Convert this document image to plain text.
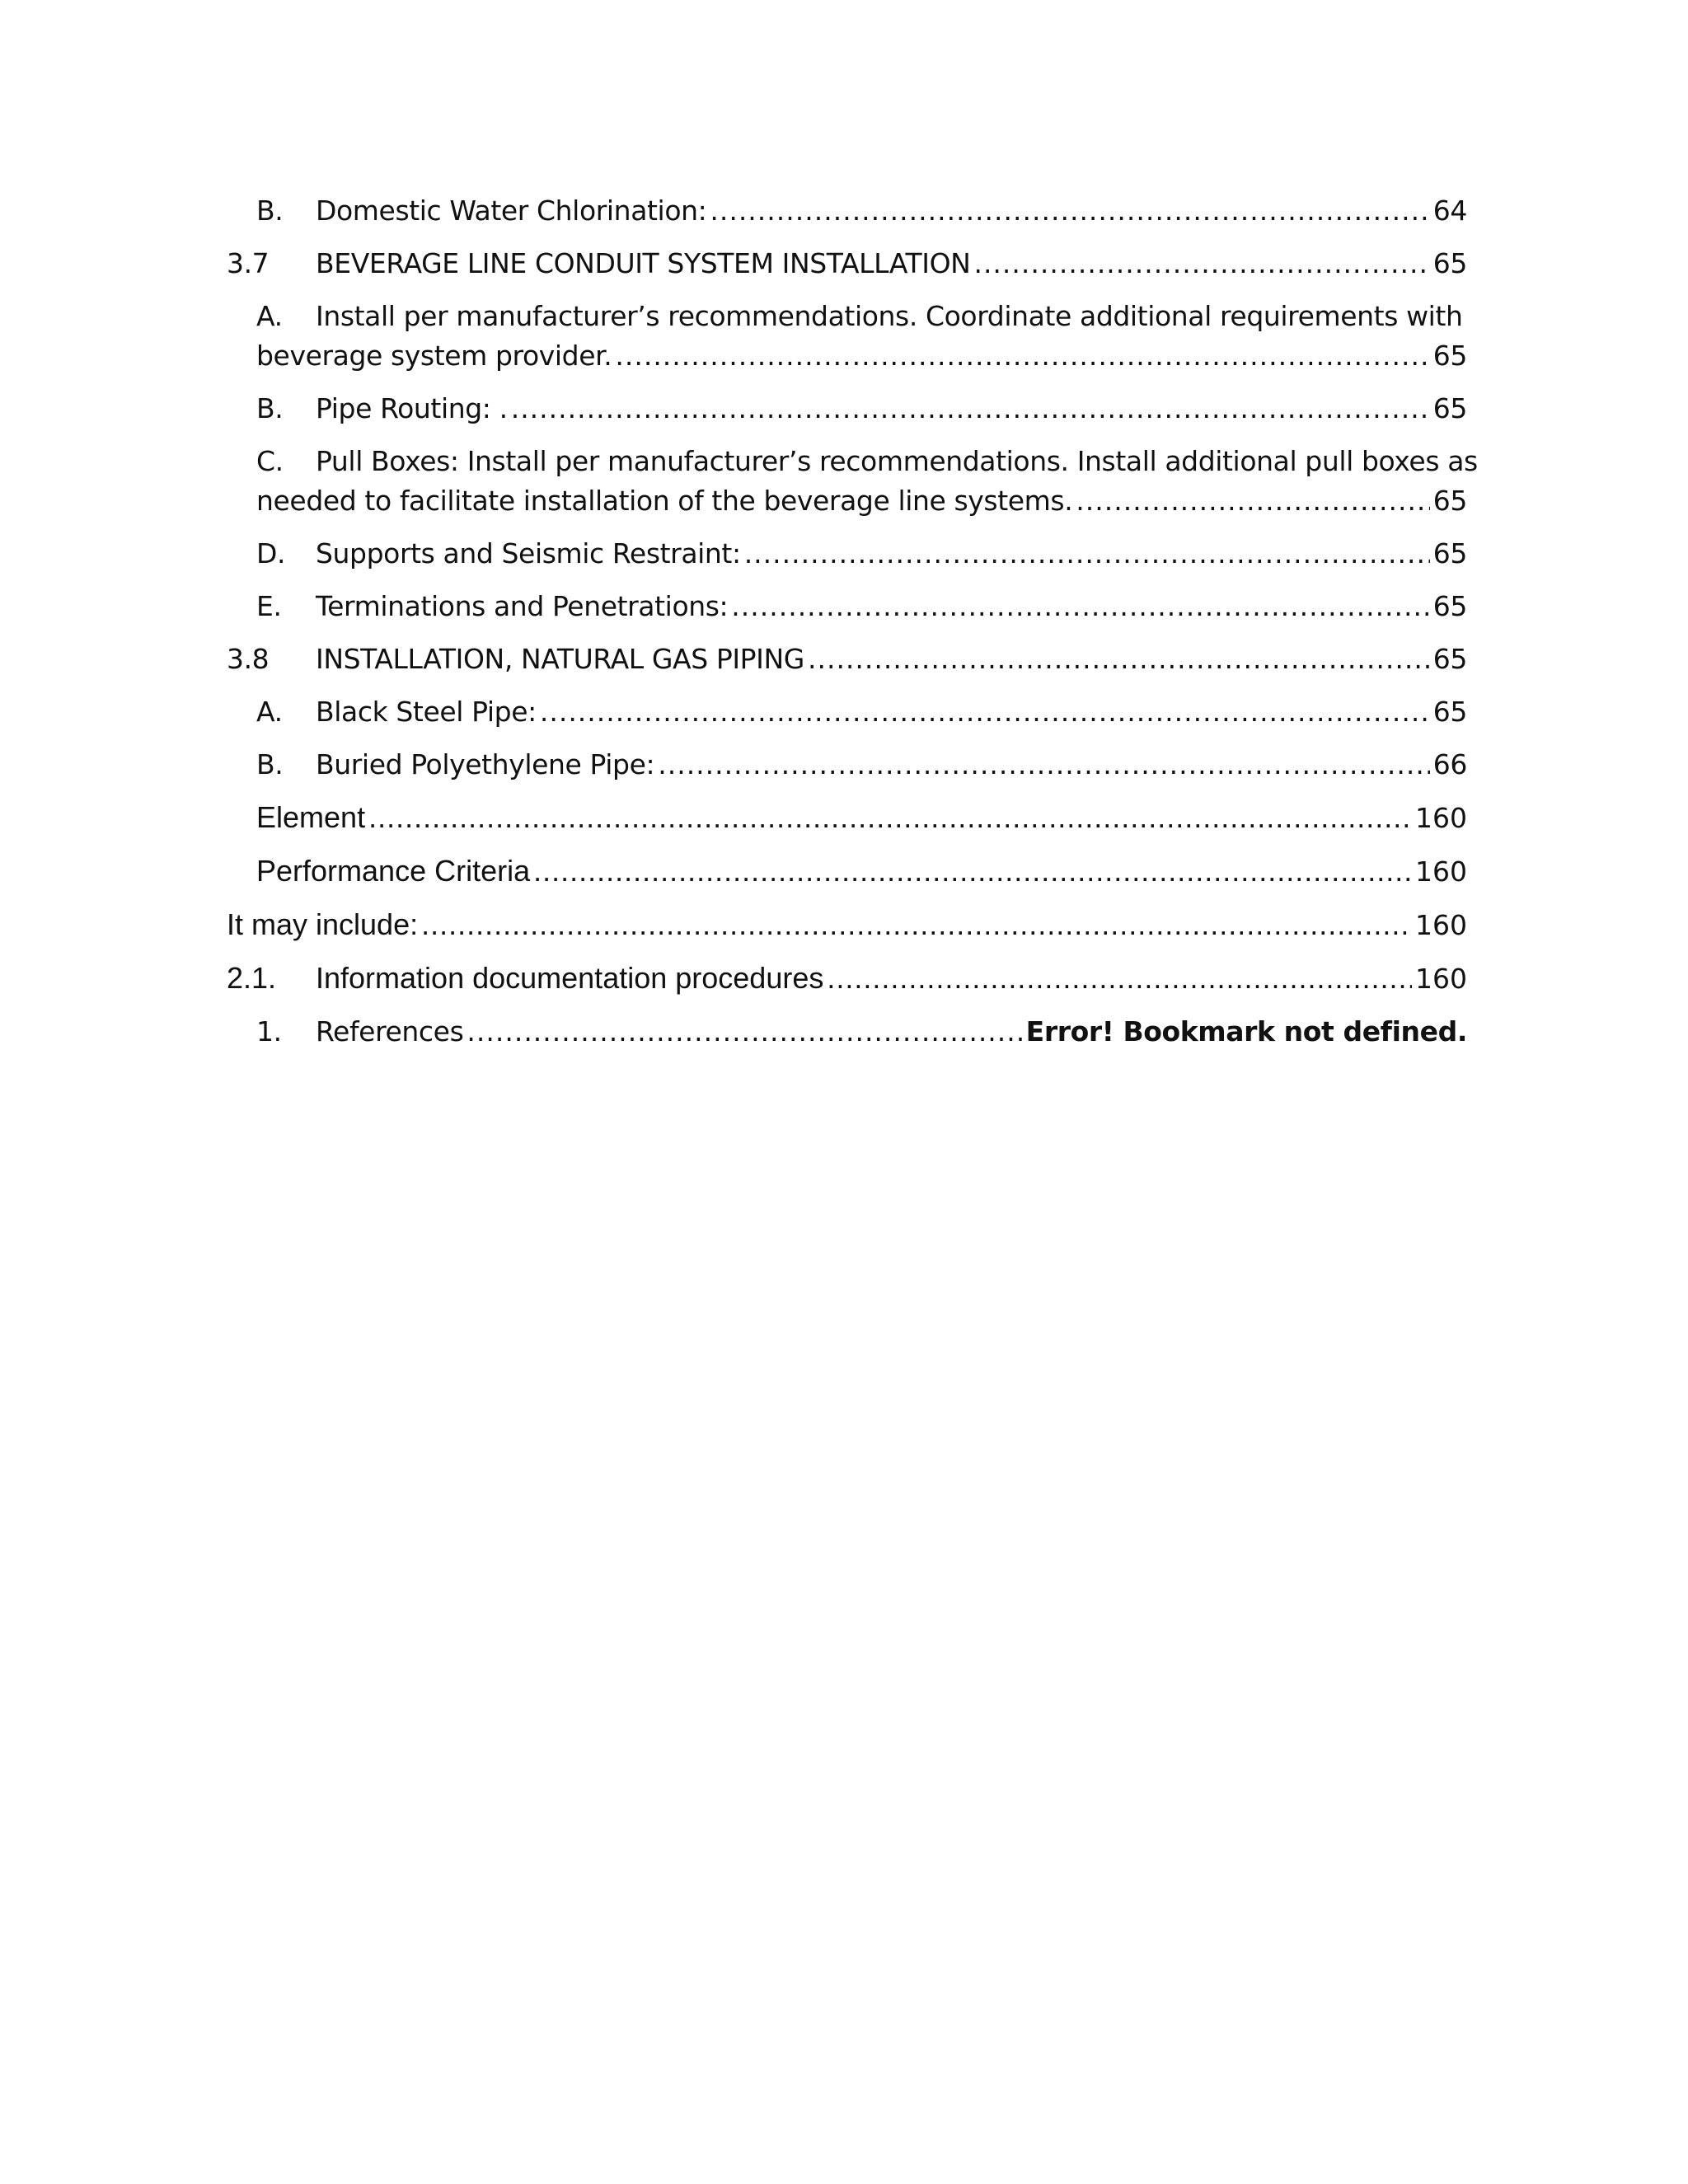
B.	Domestic Water Chlorination: .....	64
3.7	BEVERAGE LINE CONDUIT SYSTEM INSTALLATION .....	65
A.	Install per manufacturer’s recommendations. Coordinate additional requirements with
beverage system provider. .....	65
B.	Pipe Routing: . .....	65
C.	Pull Boxes: Install per manufacturer’s recommendations. Install additional pull boxes as
needed to facilitate installation of the beverage line systems. .....	65
D.	Supports and Seismic Restraint: .....	65
E.	Terminations and Penetrations: .....	65
3.8	INSTALLATION, NATURAL GAS PIPING .....	65
A.	Black Steel Pipe: .....	65
B.	Buried Polyethylene Pipe: .....	66
Element .....	160
Performance Criteria .....	160
It may include: .....	160
2.1.	Information documentation procedures .....	160
1.	References .....	Error! Bookmark not defined.
